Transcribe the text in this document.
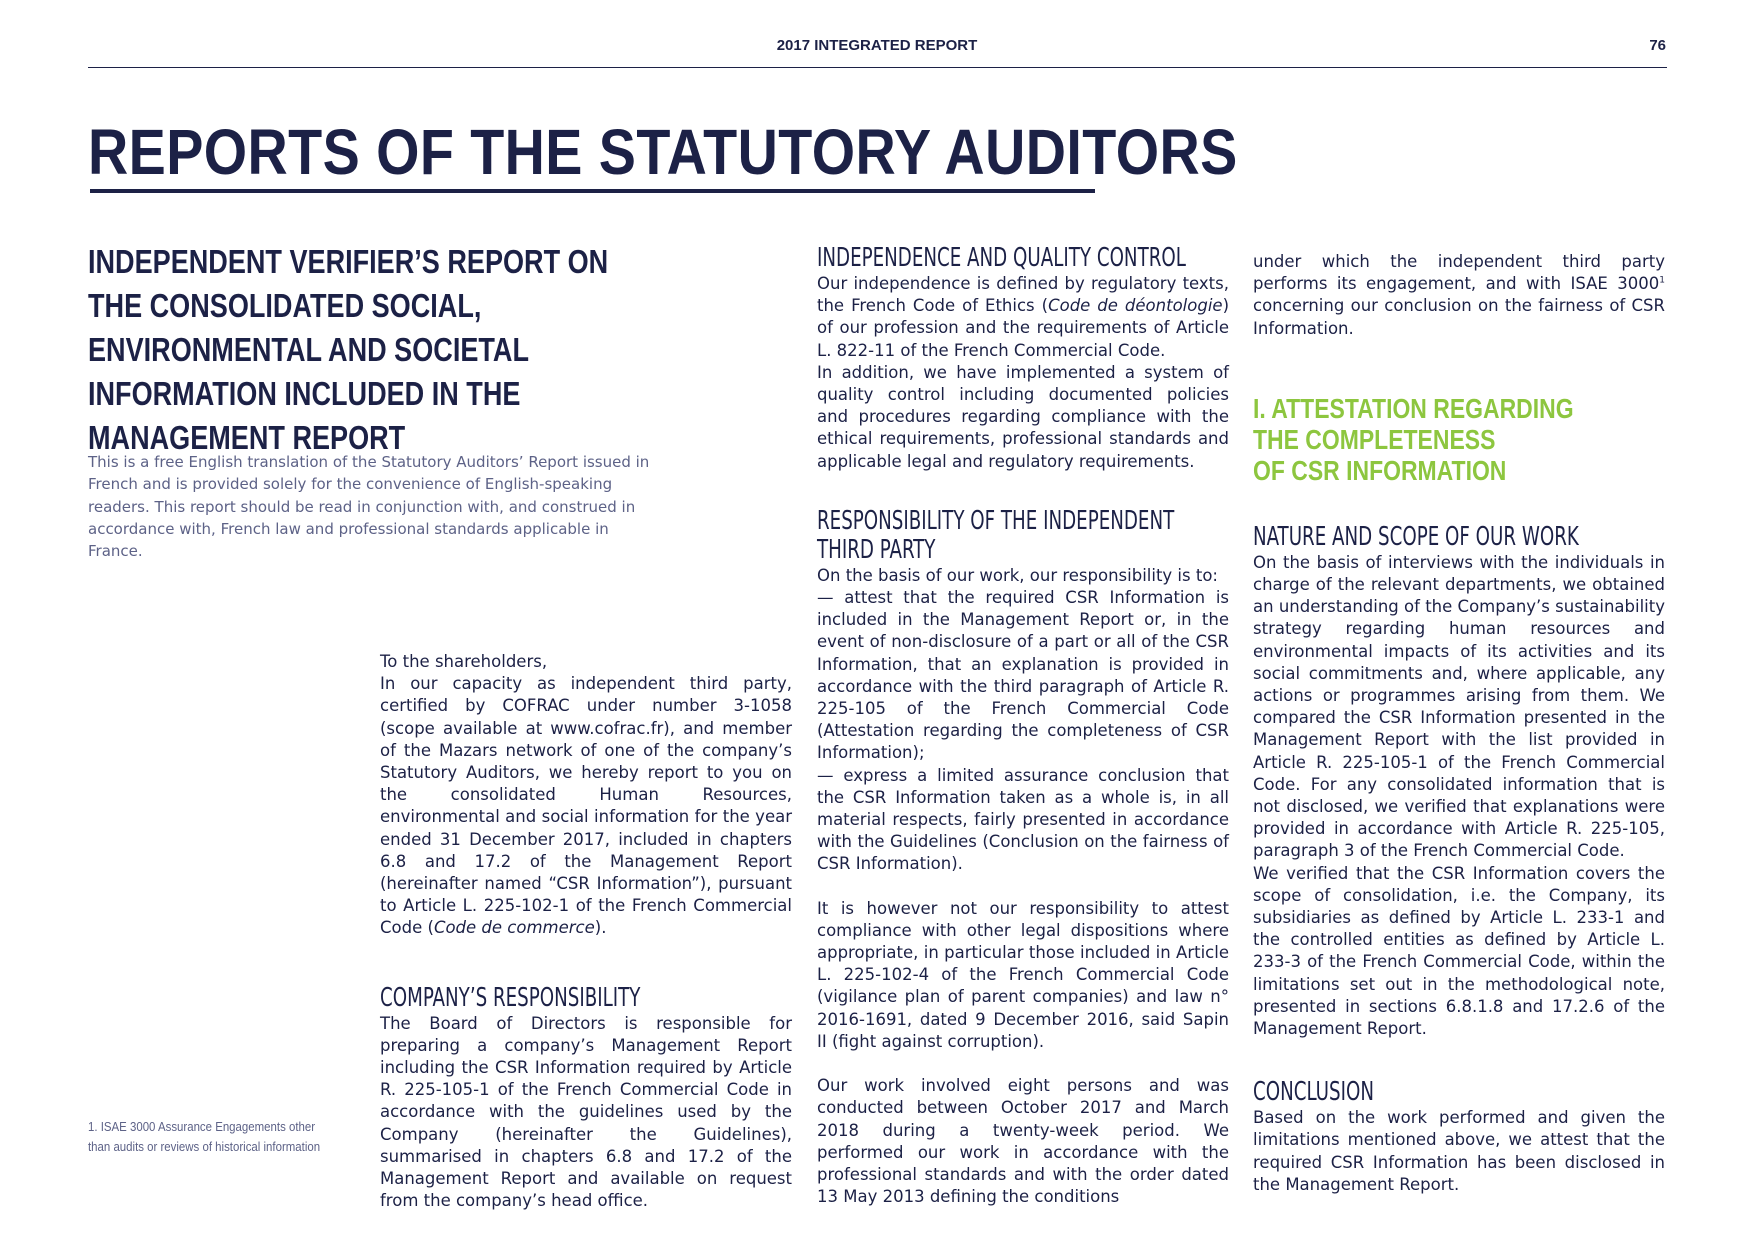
2017 INTEGRATED REPORT	76
REPORTS OF THE STATUTORY AUDITORS
INDEPENDENT VERIFIER’S REPORT ON THE CONSOLIDATED SOCIAL, ENVIRONMENTAL AND SOCIETAL INFORMATION INCLUDED IN THE MANAGEMENT REPORT

This is a free English translation of the Statutory Auditors’ Report issued in French and is provided solely for the convenience of English-speaking readers. This report should be read in conjunction with, and construed in accordance with, French law and professional standards applicable in France.

1. ISAE 3000 Assurance Engagements other than audits or reviews of historical information

To the shareholders,

In our capacity as independent third party, certified by COFRAC under number 3-1058 (scope available at www.cofrac.fr), and member of the Mazars network of one of the company’s Statutory Auditors, we hereby report to you on the consolidated Human Resources, environmental and social information for the year ended 31 December 2017, included in chapters 6.8 and 17.2 of the Management Report (hereinafter named “CSR Information”), pursuant to Article L. 225-102-1 of the French Commercial Code (Code de commerce).

COMPANY’S RESPONSIBILITY

The Board of Directors is responsible for preparing a company’s Management Report including the CSR Information required by Article R. 225-105-1 of the French Commercial Code in accordance with the guidelines used by the Company (hereinafter the Guidelines), summarised in chapters 6.8 and 17.2 of the Management Report and available on request from the company’s head office.

INDEPENDENCE AND QUALITY CONTROL

Our independence is defined by regulatory texts, the French Code of Ethics (Code de déontologie) of our profession and the requirements of Article L. 822-11 of the French Commercial Code.

In addition, we have implemented a system of quality control including documented policies and procedures regarding compliance with the ethical requirements, professional standards and applicable legal and regulatory requirements.

RESPONSIBILITY OF THE INDEPENDENT
THIRD PARTY

On the basis of our work, our responsibility is to:

— attest that the required CSR Information is included in the Management Report or, in the event of non-disclosure of a part or all of the CSR Information, that an explanation is provided in accordance with the third paragraph of Article R. 225-105 of the French Commercial Code (Attestation regarding the completeness of CSR Information);

— express a limited assurance conclusion that the CSR Information taken as a whole is, in all material respects, fairly presented in accordance with the Guidelines (Conclusion on the fairness of CSR Information).

It is however not our responsibility to attest compliance with other legal dispositions where appropriate, in particular those included in Article L. 225-102-4 of the French Commercial Code (vigilance plan of parent companies) and law n° 2016-1691, dated 9 December 2016, said Sapin II (fight against corruption).

Our work involved eight persons and was conducted between October 2017 and March 2018 during a twenty-week period. We performed our work in accordance with the professional standards and with the order dated 13 May 2013 defining the conditions

under which the independent third party performs its engagement, and with ISAE 3000$^1$ concerning our conclusion on the fairness of CSR Information.

I. ATTESTATION REGARDING
THE COMPLETENESS
OF CSR INFORMATION
NATURE AND SCOPE OF OUR WORK

On the basis of interviews with the individuals in charge of the relevant departments, we obtained an understanding of the Company’s sustainability strategy regarding human resources and environmental impacts of its activities and its social commitments and, where applicable, any actions or programmes arising from them. We compared the CSR Information presented in the Management Report with the list provided in Article R. 225-105-1 of the French Commercial Code. For any consolidated information that is not disclosed, we verified that explanations were provided in accordance with Article R. 225-105, paragraph 3 of the French Commercial Code.

We verified that the CSR Information covers the scope of consolidation, i.e. the Company, its subsidiaries as defined by Article L. 233-1 and the controlled entities as defined by Article L. 233-3 of the French Commercial Code, within the limitations set out in the methodological note, presented in sections 6.8.1.8 and 17.2.6 of the Management Report.

CONCLUSION

Based on the work performed and given the limitations mentioned above, we attest that the required CSR Information has been disclosed in the Management Report.
